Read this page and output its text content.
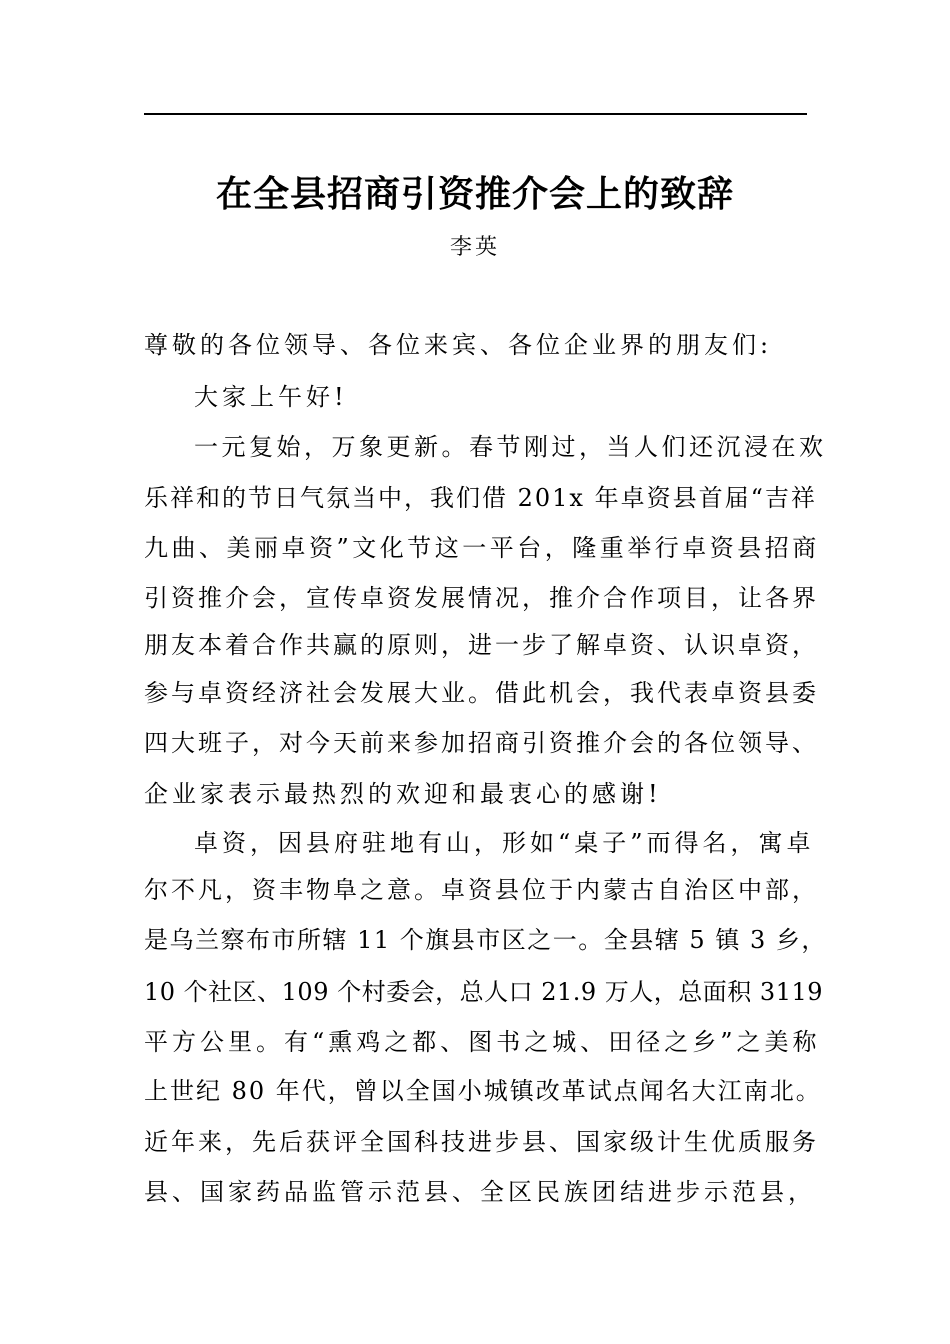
在全县招商引资推介会上的致辞
李英
尊敬的各位领导、各位来宾、各位企业界的朋友们:
大家上午好!
一元复始，万象更新。春节刚过，当人们还沉浸在欢
乐祥和的节日气氛当中，我们借 201x 年卓资县首届“吉祥
九曲、美丽卓资”文化节这一平台，隆重举行卓资县招商
引资推介会，宣传卓资发展情况，推介合作项目，让各界
朋友本着合作共赢的原则，进一步了解卓资、认识卓资，
参与卓资经济社会发展大业。借此机会，我代表卓资县委
四大班子，对今天前来参加招商引资推介会的各位领导、
企业家表示最热烈的欢迎和最衷心的感谢!
卓资，因县府驻地有山，形如“桌子”而得名，寓卓
尔不凡，资丰物阜之意。卓资县位于内蒙古自治区中部，
是乌兰察布市所辖 11 个旗县市区之一。全县辖 5 镇 3 乡，
10 个社区、109 个村委会，总人口 21.9 万人，总面积 3119
平方公里。有“熏鸡之都、图书之城、田径之乡”之美称
上世纪 80 年代，曾以全国小城镇改革试点闻名大江南北。
近年来，先后获评全国科技进步县、国家级计生优质服务
县、国家药品监管示范县、全区民族团结进步示范县，
